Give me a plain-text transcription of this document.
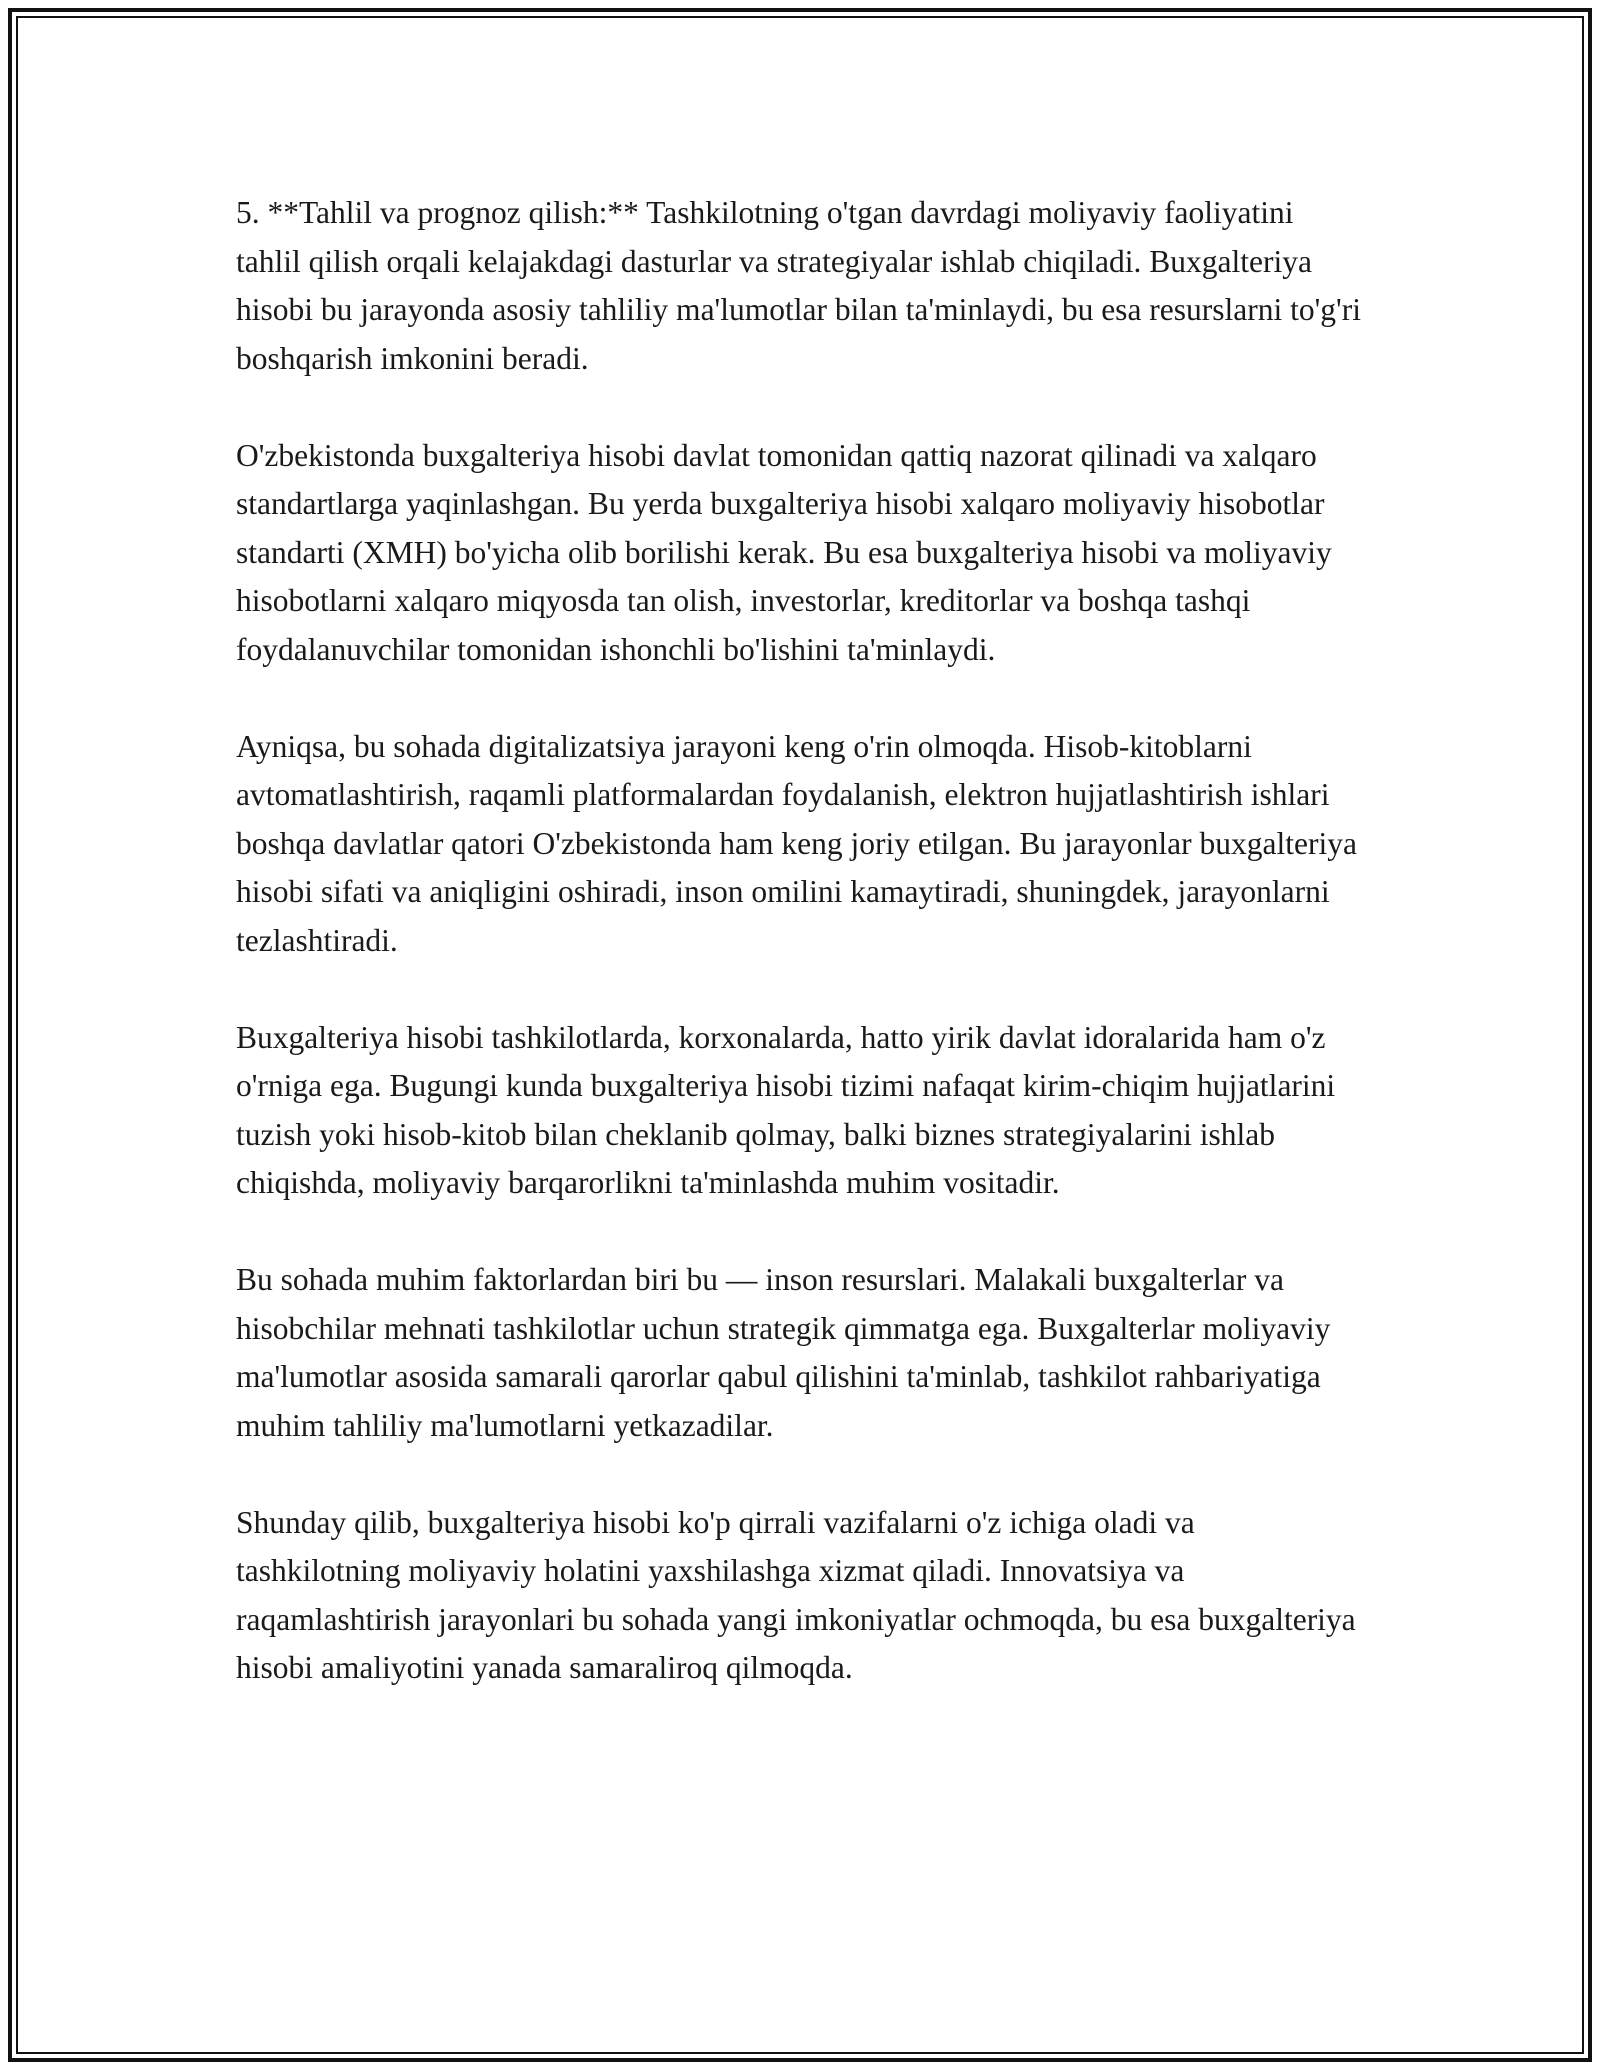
5. **Tahlil va prognoz qilish:** Tashkilotning o'tgan davrdagi moliyaviy faoliyatini tahlil qilish orqali kelajakdagi dasturlar va strategiyalar ishlab chiqiladi. Buxgalteriya hisobi bu jarayonda asosiy tahliliy ma'lumotlar bilan ta'minlaydi, bu esa resurslarni to'g'ri boshqarish imkonini beradi.

O'zbekistonda buxgalteriya hisobi davlat tomonidan qattiq nazorat qilinadi va xalqaro standartlarga yaqinlashgan. Bu yerda buxgalteriya hisobi xalqaro moliyaviy hisobotlar standarti (XMH) bo'yicha olib borilishi kerak. Bu esa buxgalteriya hisobi va moliyaviy hisobotlarni xalqaro miqyosda tan olish, investorlar, kreditorlar va boshqa tashqi foydalanuvchilar tomonidan ishonchli bo'lishini ta'minlaydi.

Ayniqsa, bu sohada digitalizatsiya jarayoni keng o'rin olmoqda. Hisob-kitoblarni avtomatlashtirish, raqamli platformalardan foydalanish, elektron hujjatlashtirish ishlari boshqa davlatlar qatori O'zbekistonda ham keng joriy etilgan. Bu jarayonlar buxgalteriya hisobi sifati va aniqligini oshiradi, inson omilini kamaytiradi, shuningdek, jarayonlarni tezlashtiradi.

Buxgalteriya hisobi tashkilotlarda, korxonalarda, hatto yirik davlat idoralarida ham o'z o'rniga ega. Bugungi kunda buxgalteriya hisobi tizimi nafaqat kirim-chiqim hujjatlarini tuzish yoki hisob-kitob bilan cheklanib qolmay, balki biznes strategiyalarini ishlab chiqishda, moliyaviy barqarorlikni ta'minlashda muhim vositadir.

Bu sohada muhim faktorlardan biri bu — inson resurslari. Malakali buxgalterlar va hisobchilar mehnati tashkilotlar uchun strategik qimmatga ega. Buxgalterlar moliyaviy ma'lumotlar asosida samarali qarorlar qabul qilishini ta'minlab, tashkilot rahbariyatiga muhim tahliliy ma'lumotlarni yetkazadilar.

Shunday qilib, buxgalteriya hisobi ko'p qirrali vazifalarni o'z ichiga oladi va tashkilotning moliyaviy holatini yaxshilashga xizmat qiladi. Innovatsiya va raqamlashtirish jarayonlari bu sohada yangi imkoniyatlar ochmoqda, bu esa buxgalteriya hisobi amaliyotini yanada samaraliroq qilmoqda.
